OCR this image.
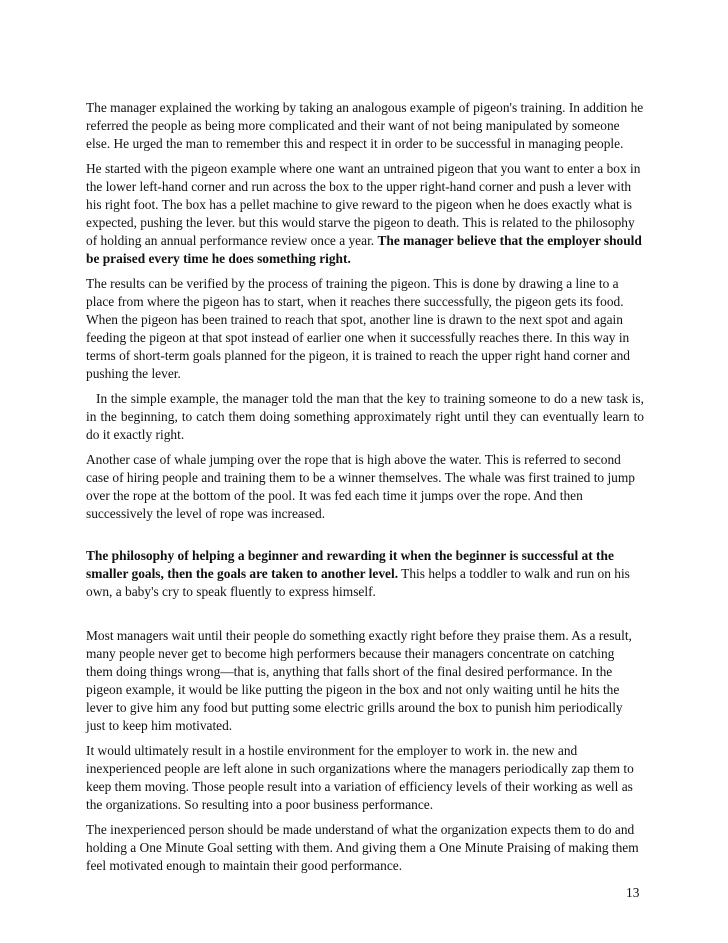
The manager explained the working by taking an analogous example of pigeon's training. In addition he referred the people as being more complicated and their want of not being manipulated by someone else. He urged the man to remember this and respect it in order to be successful in managing people.

He started with the pigeon example where one want an untrained pigeon that you want to enter a box in the lower left-hand corner and run across the box to the upper right-hand corner and push a lever with his right foot. The box has a pellet machine to give reward to the pigeon when he does exactly what is expected, pushing the lever. but this would starve the pigeon to death. This is related to the philosophy of holding an annual performance review once a year. The manager believe that the employer should be praised every time he does something right.

The results can be verified by the process of training the pigeon. This is done by drawing a line to a place from where the pigeon has to start, when it reaches there successfully, the pigeon gets its food. When the pigeon has been trained to reach that spot, another line is drawn to the next spot and again feeding the pigeon at that spot instead of earlier one when it successfully reaches there. In this way in terms of short-term goals planned for the pigeon, it is trained to reach the upper right hand corner and pushing the lever.

In the simple example, the manager told the man that the key to training someone to do a new task is, in the beginning, to catch them doing something approximately right until they can eventually learn to do it exactly right.

Another case of whale jumping over the rope that is high above the water. This is referred to second case of hiring people and training them to be a winner themselves. The whale was first trained to jump over the rope at the bottom of the pool. It was fed each time it jumps over the rope. And then successively the level of rope was increased.

The philosophy of helping a beginner and rewarding it when the beginner is successful at the smaller goals, then the goals are taken to another level. This helps a toddler to walk and run on his own, a baby's cry to speak fluently to express himself.

Most managers wait until their people do something exactly right before they praise them. As a result, many people never get to become high performers because their managers concentrate on catching them doing things wrong—that is, anything that falls short of the final desired performance. In the pigeon example, it would be like putting the pigeon in the box and not only waiting until he hits the lever to give him any food but putting some electric grills around the box to punish him periodically just to keep him motivated.

It would ultimately result in a hostile environment for the employer to work in. the new and inexperienced people are left alone in such organizations where the managers periodically zap them to keep them moving. Those people result into a variation of efficiency levels of their working as well as the organizations. So resulting into a poor business performance.

The inexperienced person should be made understand of what the organization expects them to do and holding a One Minute Goal setting with them. And giving them a One Minute Praising of making them feel motivated enough to maintain their good performance.

13
